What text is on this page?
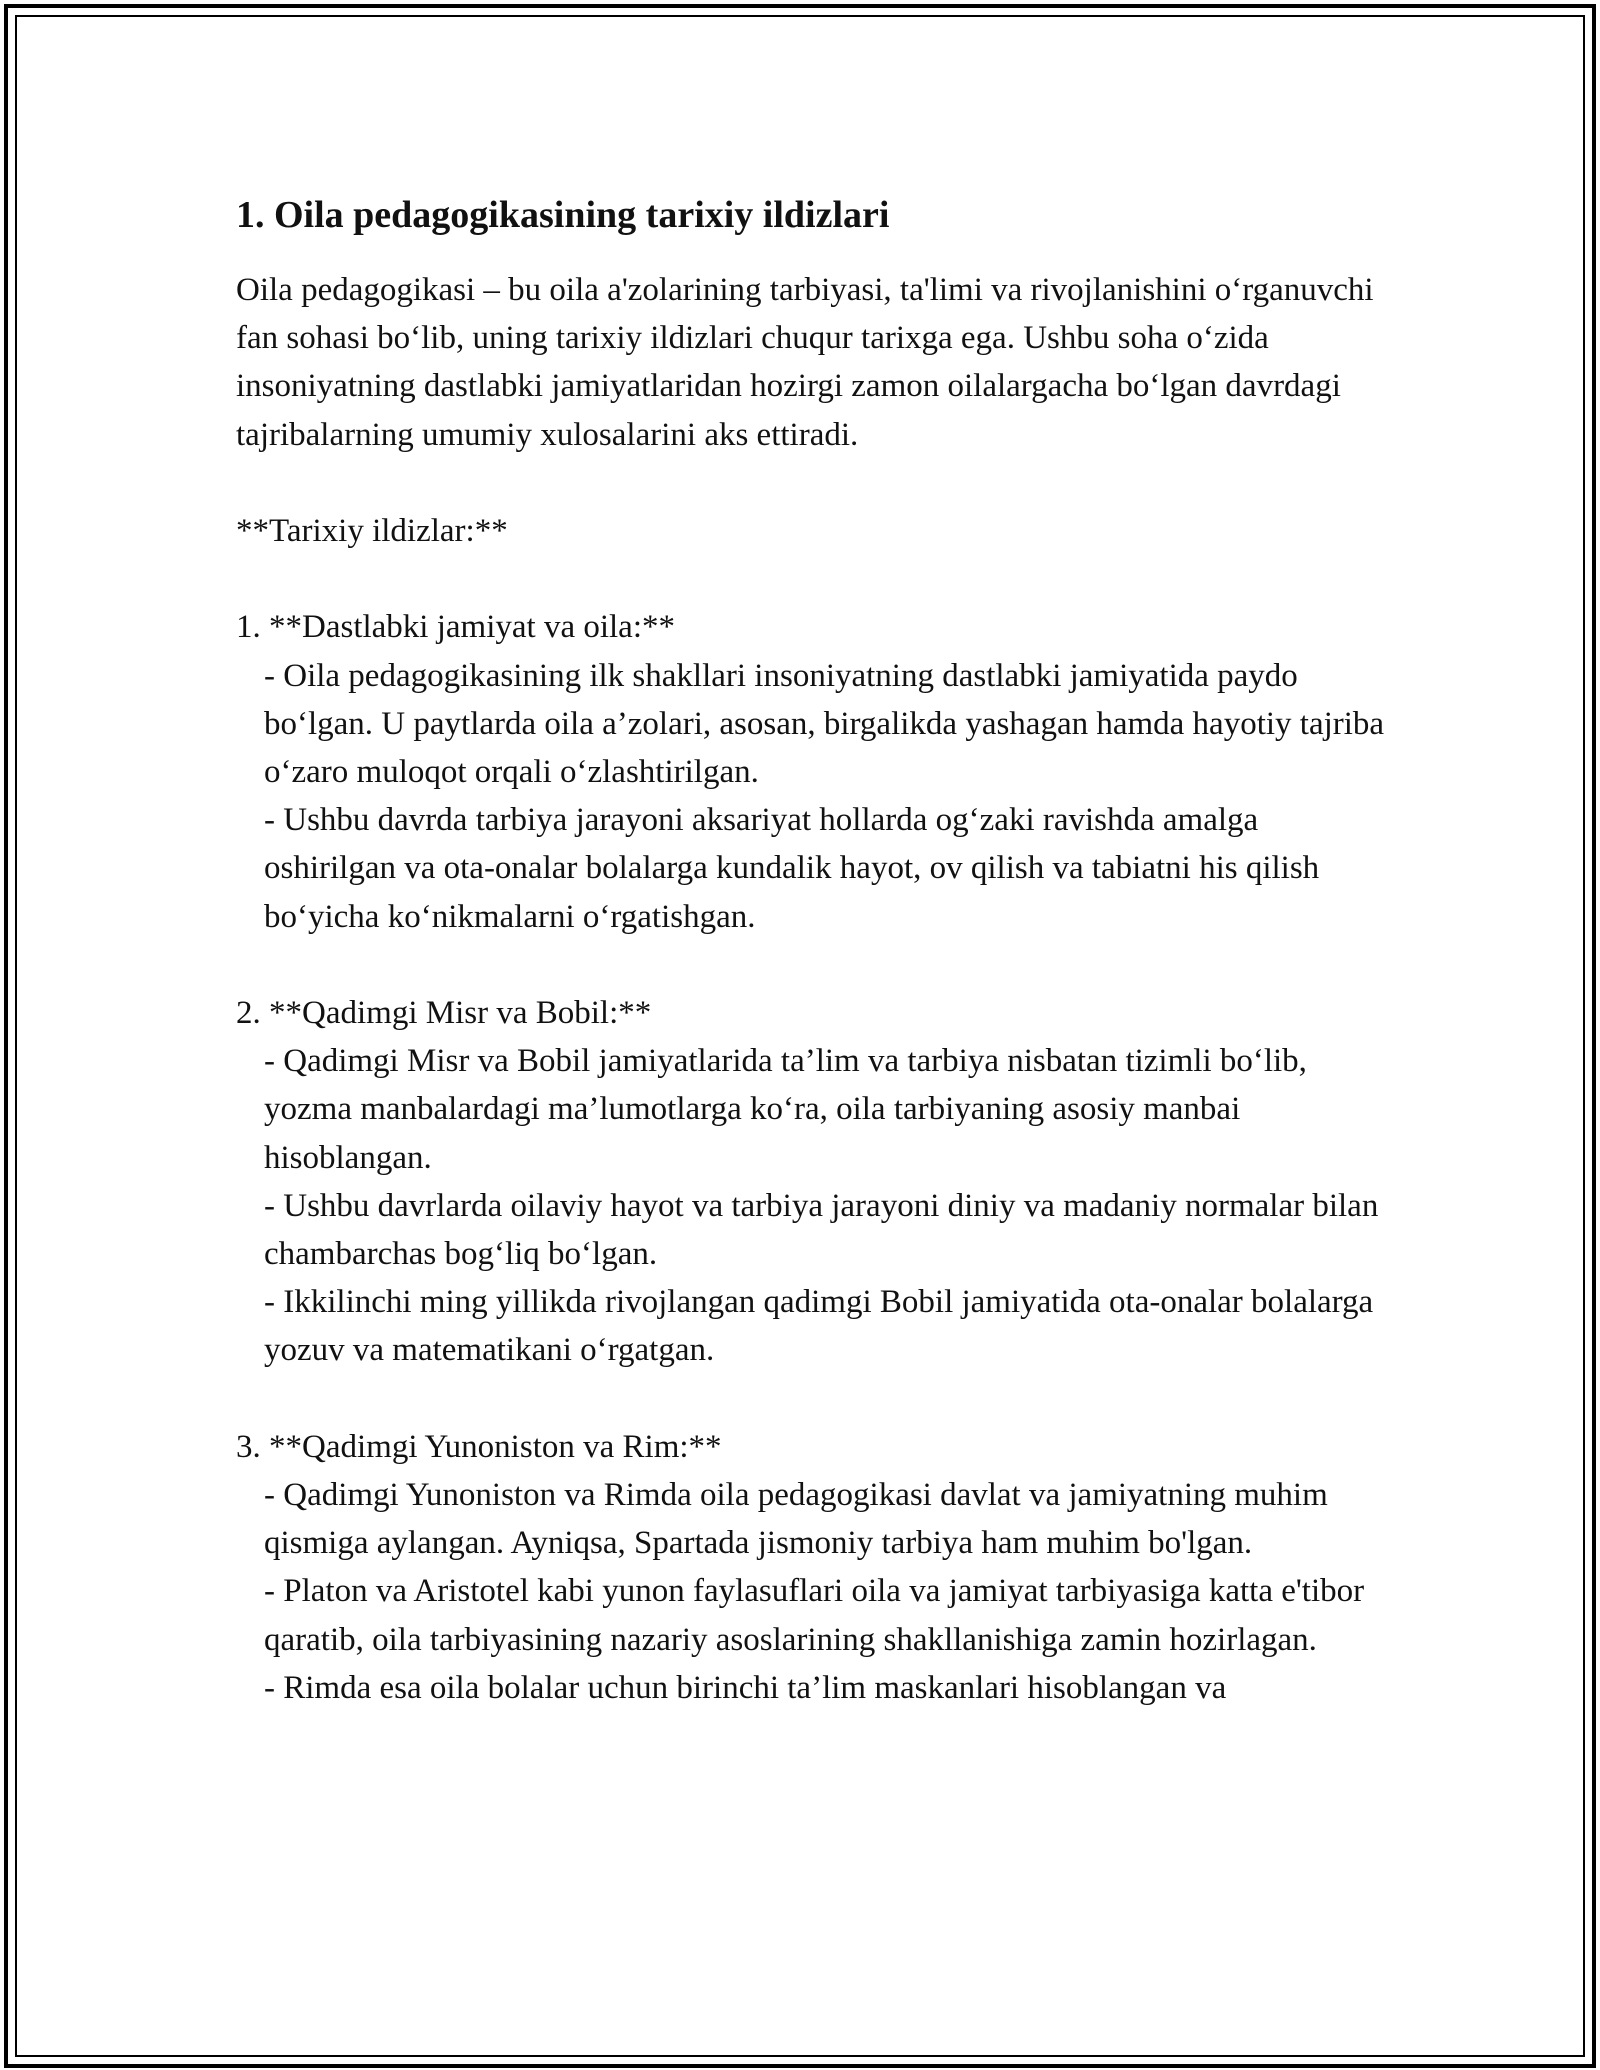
1. Oila pedagogikasining tarixiy ildizlari

Oila pedagogikasi – bu oila a'zolarining tarbiyasi, ta'limi va rivojlanishini o‘rganuvchi fan sohasi bo‘lib, uning tarixiy ildizlari chuqur tarixga ega. Ushbu soha o‘zida insoniyatning dastlabki jamiyatlaridan hozirgi zamon oilalargacha bo‘lgan davrdagi tajribalarning umumiy xulosalarini aks ettiradi.

**Tarixiy ildizlar:**

1. **Dastlabki jamiyat va oila:**

- Oila pedagogikasining ilk shakllari insoniyatning dastlabki jamiyatida paydo bo‘lgan. U paytlarda oila a’zolari, asosan, birgalikda yashagan hamda hayotiy tajriba o‘zaro muloqot orqali o‘zlashtirilgan.

- Ushbu davrda tarbiya jarayoni aksariyat hollarda og‘zaki ravishda amalga oshirilgan va ota-onalar bolalarga kundalik hayot, ov qilish va tabiatni his qilish bo‘yicha ko‘nikmalarni o‘rgatishgan.

2. **Qadimgi Misr va Bobil:**

- Qadimgi Misr va Bobil jamiyatlarida ta’lim va tarbiya nisbatan tizimli bo‘lib, yozma manbalardagi ma’lumotlarga ko‘ra, oila tarbiyaning asosiy manbai hisoblangan.

- Ushbu davrlarda oilaviy hayot va tarbiya jarayoni diniy va madaniy normalar bilan chambarchas bog‘liq bo‘lgan.

- Ikkilinchi ming yillikda rivojlangan qadimgi Bobil jamiyatida ota-onalar bolalarga yozuv va matematikani o‘rgatgan.

3. **Qadimgi Yunoniston va Rim:**

- Qadimgi Yunoniston va Rimda oila pedagogikasi davlat va jamiyatning muhim qismiga aylangan. Ayniqsa, Spartada jismoniy tarbiya ham muhim bo'lgan.

- Platon va Aristotel kabi yunon faylasuflari oila va jamiyat tarbiyasiga katta e'tibor qaratib, oila tarbiyasining nazariy asoslarining shakllanishiga zamin hozirlagan.

- Rimda esa oila bolalar uchun birinchi ta’lim maskanlari hisoblangan va
